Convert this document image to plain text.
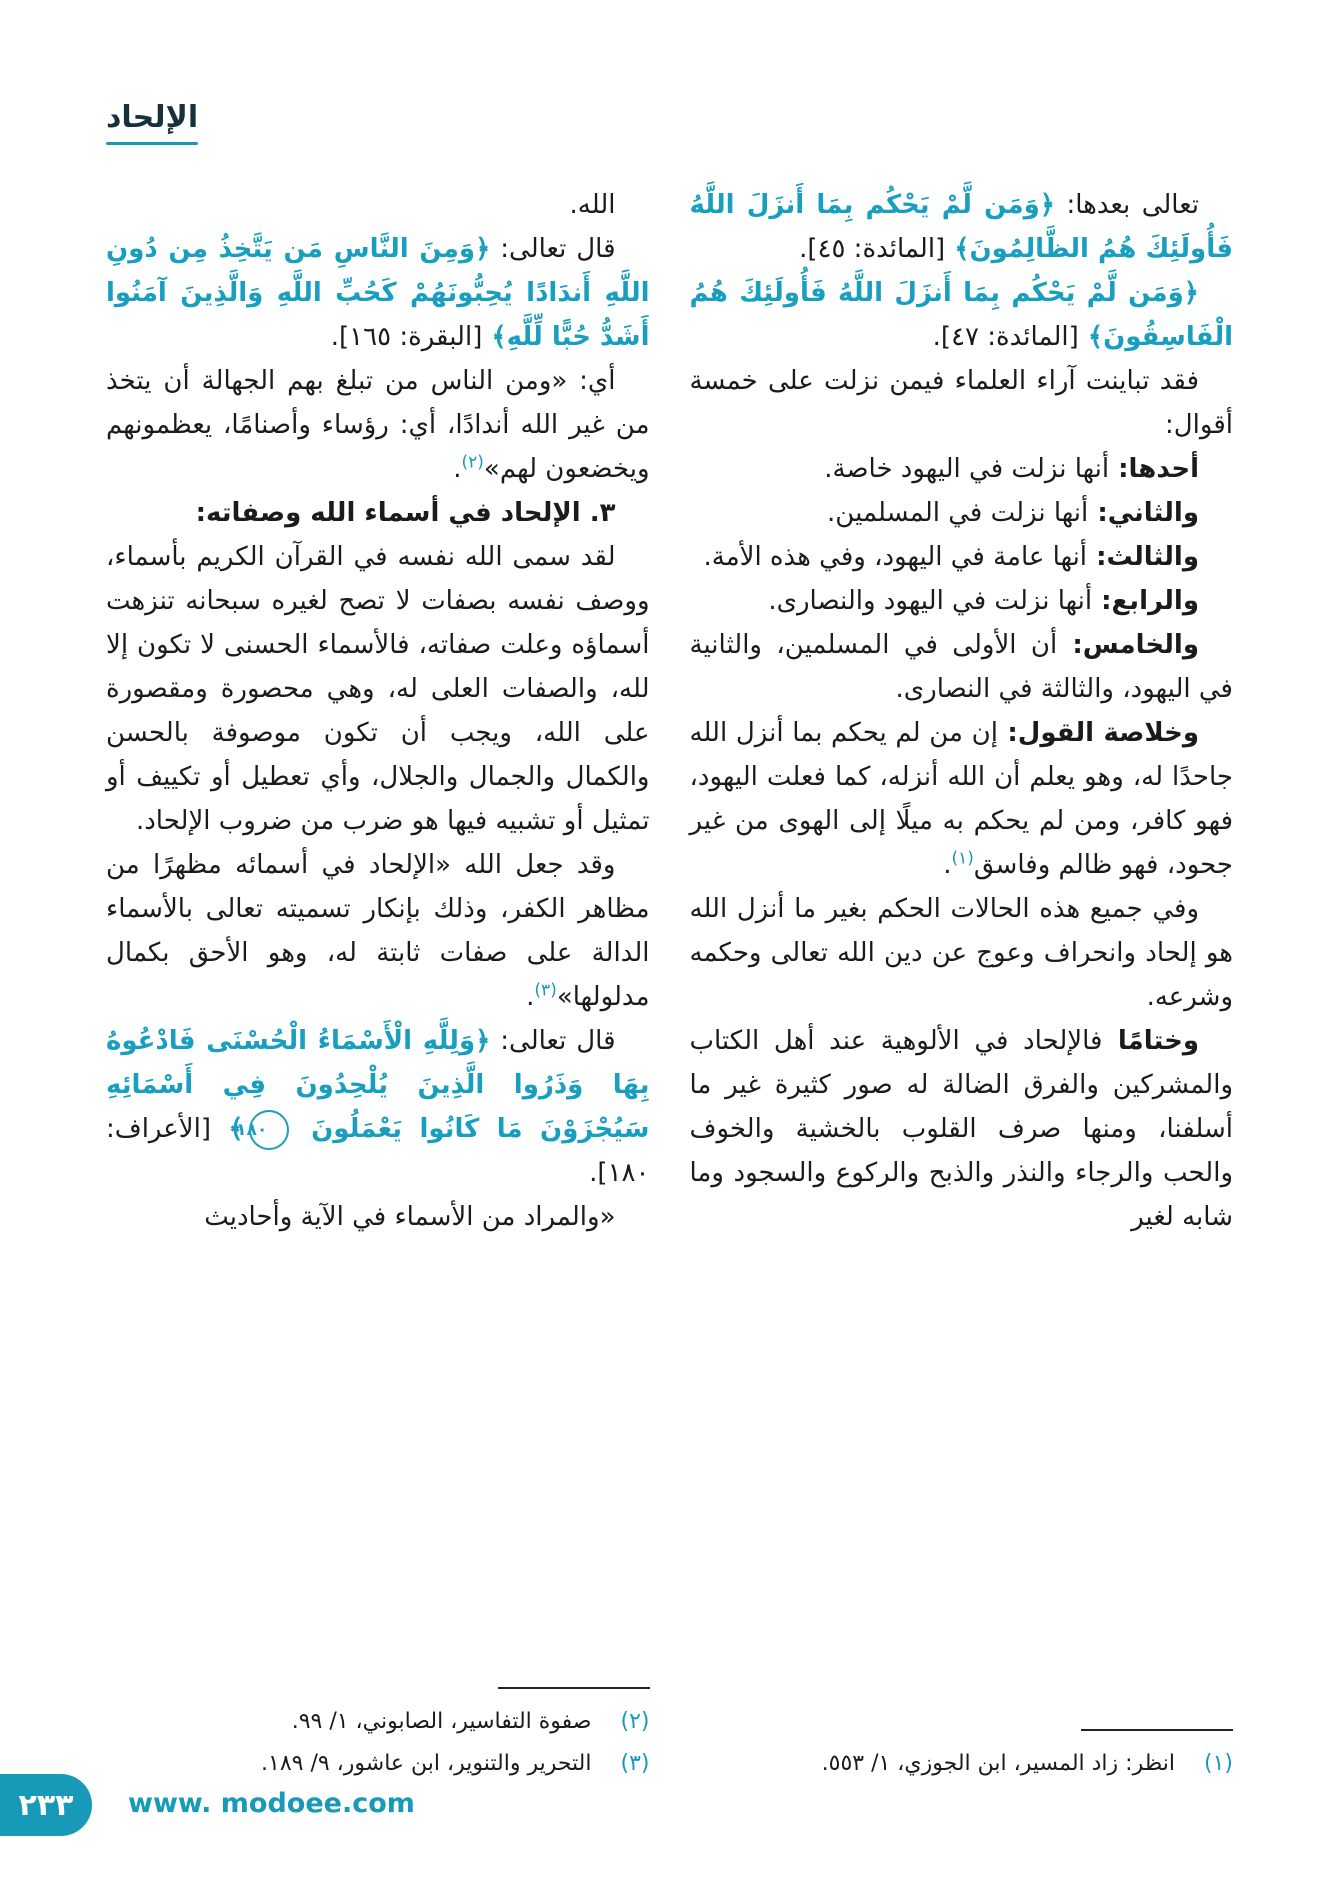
الإلحاد

تعالى بعدها: ﴿وَمَن لَّمْ يَحْكُم بِمَا أَنزَلَ اللَّهُ فَأُولَئِكَ هُمُ الظَّالِمُونَ﴾ [المائدة: ٤٥].

﴿وَمَن لَّمْ يَحْكُم بِمَا أَنزَلَ اللَّهُ فَأُولَئِكَ هُمُ الْفَاسِقُونَ﴾ [المائدة: ٤٧].

فقد تباينت آراء العلماء فيمن نزلت على خمسة أقوال:

أحدها: أنها نزلت في اليهود خاصة.

والثاني: أنها نزلت في المسلمين.

والثالث: أنها عامة في اليهود، وفي هذه الأمة.

والرابع: أنها نزلت في اليهود والنصارى.

والخامس: أن الأولى في المسلمين، والثانية في اليهود، والثالثة في النصارى.

وخلاصة القول: إن من لم يحكم بما أنزل الله جاحدًا له، وهو يعلم أن الله أنزله، كما فعلت اليهود، فهو كافر، ومن لم يحكم به ميلًا إلى الهوى من غير جحود، فهو ظالم وفاسق$^{(١)}$.

وفي جميع هذه الحالات الحكم بغير ما أنزل الله هو إلحاد وانحراف وعوج عن دين الله تعالى وحكمه وشرعه.

وختامًا فالإلحاد في الألوهية عند أهل الكتاب والمشركين والفرق الضالة له صور كثيرة غير ما أسلفنا، ومنها صرف القلوب بالخشية والخوف والحب والرجاء والنذر والذبح والركوع والسجود وما شابه لغير

(١)
انظر: زاد المسير، ابن الجوزي، ١/ ٥٥٣.

الله.

قال تعالى: ﴿وَمِنَ النَّاسِ مَن يَتَّخِذُ مِن دُونِ اللَّهِ أَندَادًا يُحِبُّونَهُمْ كَحُبِّ اللَّهِ وَالَّذِينَ آمَنُوا أَشَدُّ حُبًّا لِّلَّهِ﴾ [البقرة: ١٦٥].

أي: «ومن الناس من تبلغ بهم الجهالة أن يتخذ من غير الله أندادًا، أي: رؤساء وأصنامًا، يعظمونهم ويخضعون لهم»$^{(٢)}$.

٣. الإلحاد في أسماء الله وصفاته:

لقد سمى الله نفسه في القرآن الكريم بأسماء، ووصف نفسه بصفات لا تصح لغيره سبحانه تنزهت أسماؤه وعلت صفاته، فالأسماء الحسنى لا تكون إلا لله، والصفات العلى له، وهي محصورة ومقصورة على الله، ويجب أن تكون موصوفة بالحسن والكمال والجمال والجلال، وأي تعطيل أو تكييف أو تمثيل أو تشبيه فيها هو ضرب من ضروب الإلحاد.

وقد جعل الله «الإلحاد في أسمائه مظهرًا من مظاهر الكفر، وذلك بإنكار تسميته تعالى بالأسماء الدالة على صفات ثابتة له، وهو الأحق بكمال مدلولها»$^{(٣)}$.

قال تعالى: ﴿وَلِلَّهِ الْأَسْمَاءُ الْحُسْنَى فَادْعُوهُ بِهَا وَذَرُوا الَّذِينَ يُلْحِدُونَ فِي أَسْمَائِهِ سَيُجْزَوْنَ مَا كَانُوا يَعْمَلُونَ ١٨٠﴾ [الأعراف: ١٨٠].

«والمراد من الأسماء في الآية وأحاديث

(٢)
صفوة التفاسير، الصابوني، ١/ ٩٩.
(٣)
التحرير والتنوير، ابن عاشور، ٩/ ١٨٩.
٢٣٣ www. modoee.com
